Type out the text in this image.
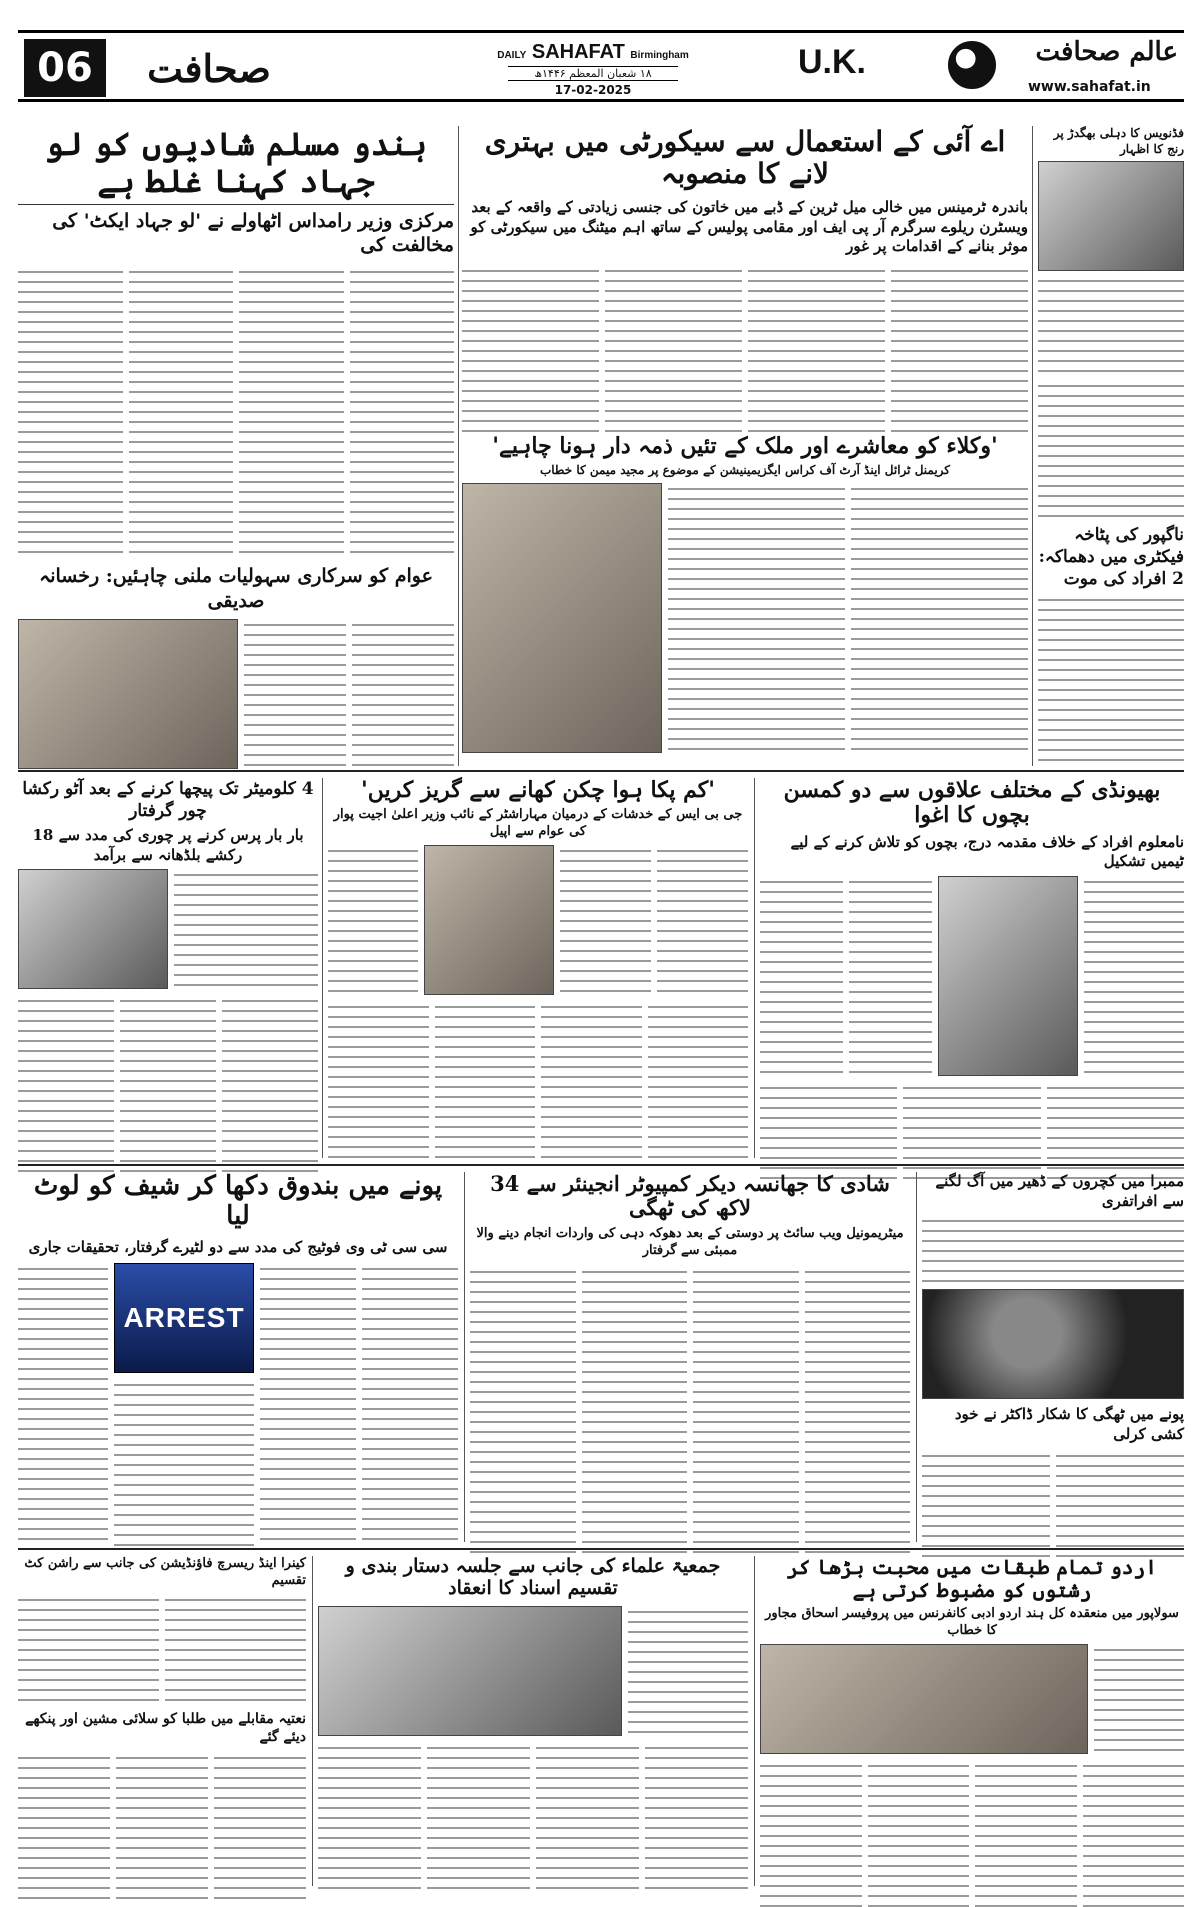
06	صحافت	DAILY SAHAFAT Birmingham
۱۸ شعبان المعظم ۱۴۴۶ھ
17-02-2025
U.K.	عالم صحافت
www.sahafat.in
فڈنویس کا دہلی بھگدڑ پر رنج کا اظہار
ناگپور کی پٹاخہ فیکٹری میں دھماکہ: 2 افراد کی موت
اے آئی کے استعمال سے سیکورٹی میں بہتری لانے کا منصوبہ
باندرہ ٹرمینس میں خالی میل ٹرین کے ڈبے میں خاتون کی جنسی زیادتی کے واقعہ کے بعد ویسٹرن ریلوے سرگرم آر پی ایف اور مقامی پولیس کے ساتھ اہم میٹنگ میں سیکورٹی کو موثر بنانے کے اقدامات پر غور
ہندو مسلم شادیوں کو لو جہاد کہنا غلط ہے
مرکزی وزیر رامداس اٹھاولے نے 'لو جہاد ایکٹ' کی مخالفت کی
'وکلاء کو معاشرے اور ملک کے تئیں ذمہ دار ہونا چاہیے'
کریمنل ٹرائل اینڈ آرٹ آف کراس ایگزیمینیشن کے موضوع پر مجید میمن کا خطاب
عوام کو سرکاری سہولیات ملنی چاہئیں: رخسانہ صدیقی
4 کلومیٹر تک پیچھا کرنے کے بعد آٹو رکشا چور گرفتار
بار بار پرس کرنے پر چوری کی مدد سے 18 رکشے بلڈھانہ سے برآمد
'کم پکا ہوا چکن کھانے سے گریز کریں'
جی بی ایس کے خدشات کے درمیان مہاراشٹر کے نائب وزیر اعلیٰ اجیت پوار کی عوام سے اپیل
بھیونڈی کے مختلف علاقوں سے دو کمسن بچوں کا اغوا
نامعلوم افراد کے خلاف مقدمہ درج، بچوں کو تلاش کرنے کے لیے ٹیمیں تشکیل
پونے میں بندوق دکھا کر شیف کو لوٹ لیا
سی سی ٹی وی فوٹیج کی مدد سے دو لٹیرے گرفتار، تحقیقات جاری
ARREST
شادی کا جھانسہ دیکر کمپیوٹر انجینئر سے 34 لاکھ کی ٹھگی
میٹریمونیل ویب سائٹ پر دوستی کے بعد دھوکہ دہی کی واردات انجام دینے والا ممبئی سے گرفتار
ممبرا میں کچروں کے ڈھیر میں آگ لگنے سے افراتفری
پونے میں ٹھگی کا شکار ڈاکٹر نے خود کشی کرلی
اردو تمام طبقات میں محبت بڑھا کر رشتوں کو مضبوط کرتی ہے
سولاپور میں منعقدہ کل ہند اردو ادبی کانفرنس میں پروفیسر اسحاق مجاور کا خطاب
جمعیۃ علماء کی جانب سے جلسہ دستار بندی و تقسیم اسناد کا انعقاد
کینرا اینڈ ریسرچ فاؤنڈیشن کی جانب سے راشن کٹ تقسیم
نعتیہ مقابلے میں طلبا کو سلائی مشین اور پنکھے دیئے گئے
